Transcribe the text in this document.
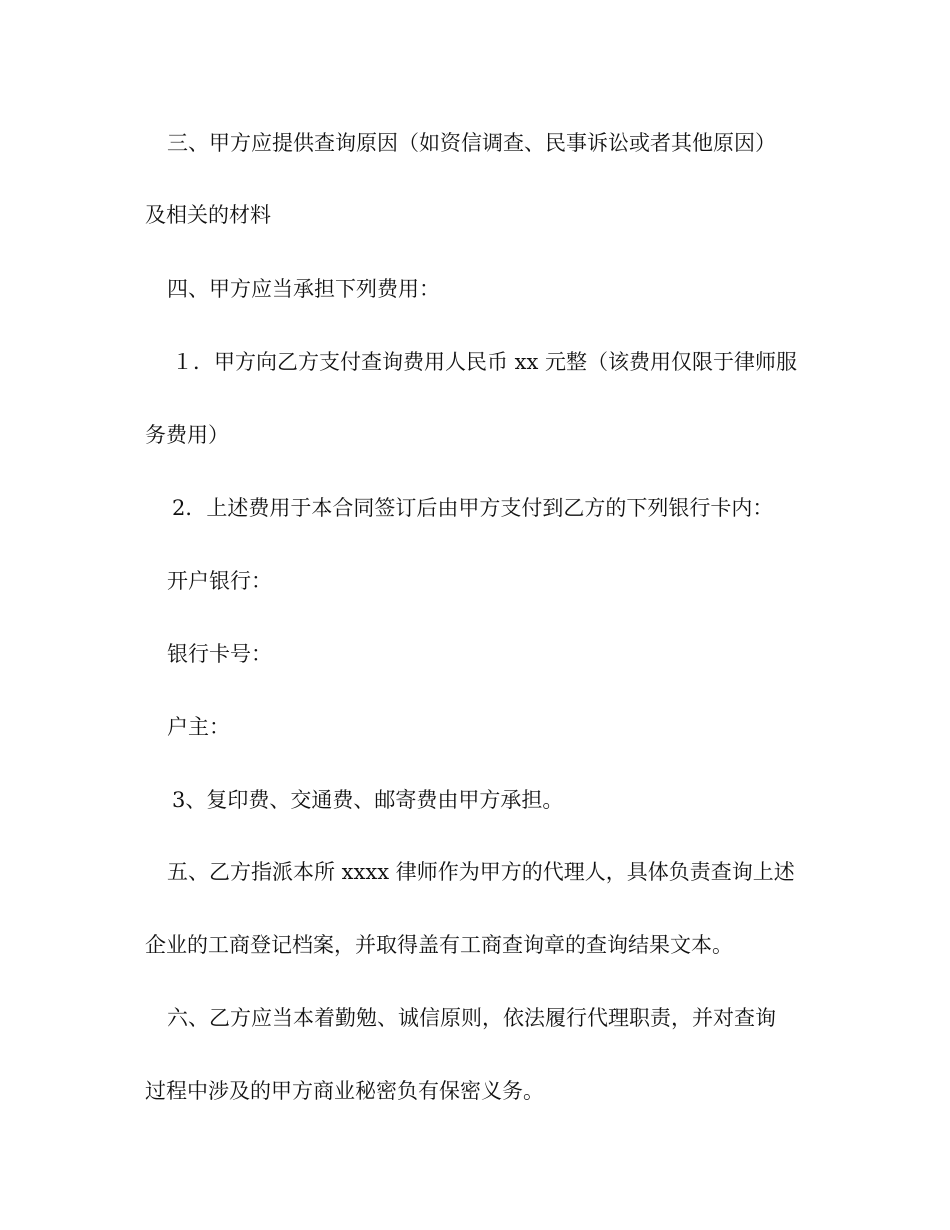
三、甲方应提供查询原因（如资信调查、民事诉讼或者其他原因）
及相关的材料
四、甲方应当承担下列费用：
１．甲方向乙方支付查询费用人民币 xx 元整（该费用仅限于律师服
务费用）
2．上述费用于本合同签订后由甲方支付到乙方的下列银行卡内：
开户银行：
银行卡号：
户主：
3、复印费、交通费、邮寄费由甲方承担。
五、乙方指派本所 xxxx 律师作为甲方的代理人，具体负责查询上述
企业的工商登记档案，并取得盖有工商查询章的查询结果文本。
六、乙方应当本着勤勉、诚信原则，依法履行代理职责，并对查询
过程中涉及的甲方商业秘密负有保密义务。
